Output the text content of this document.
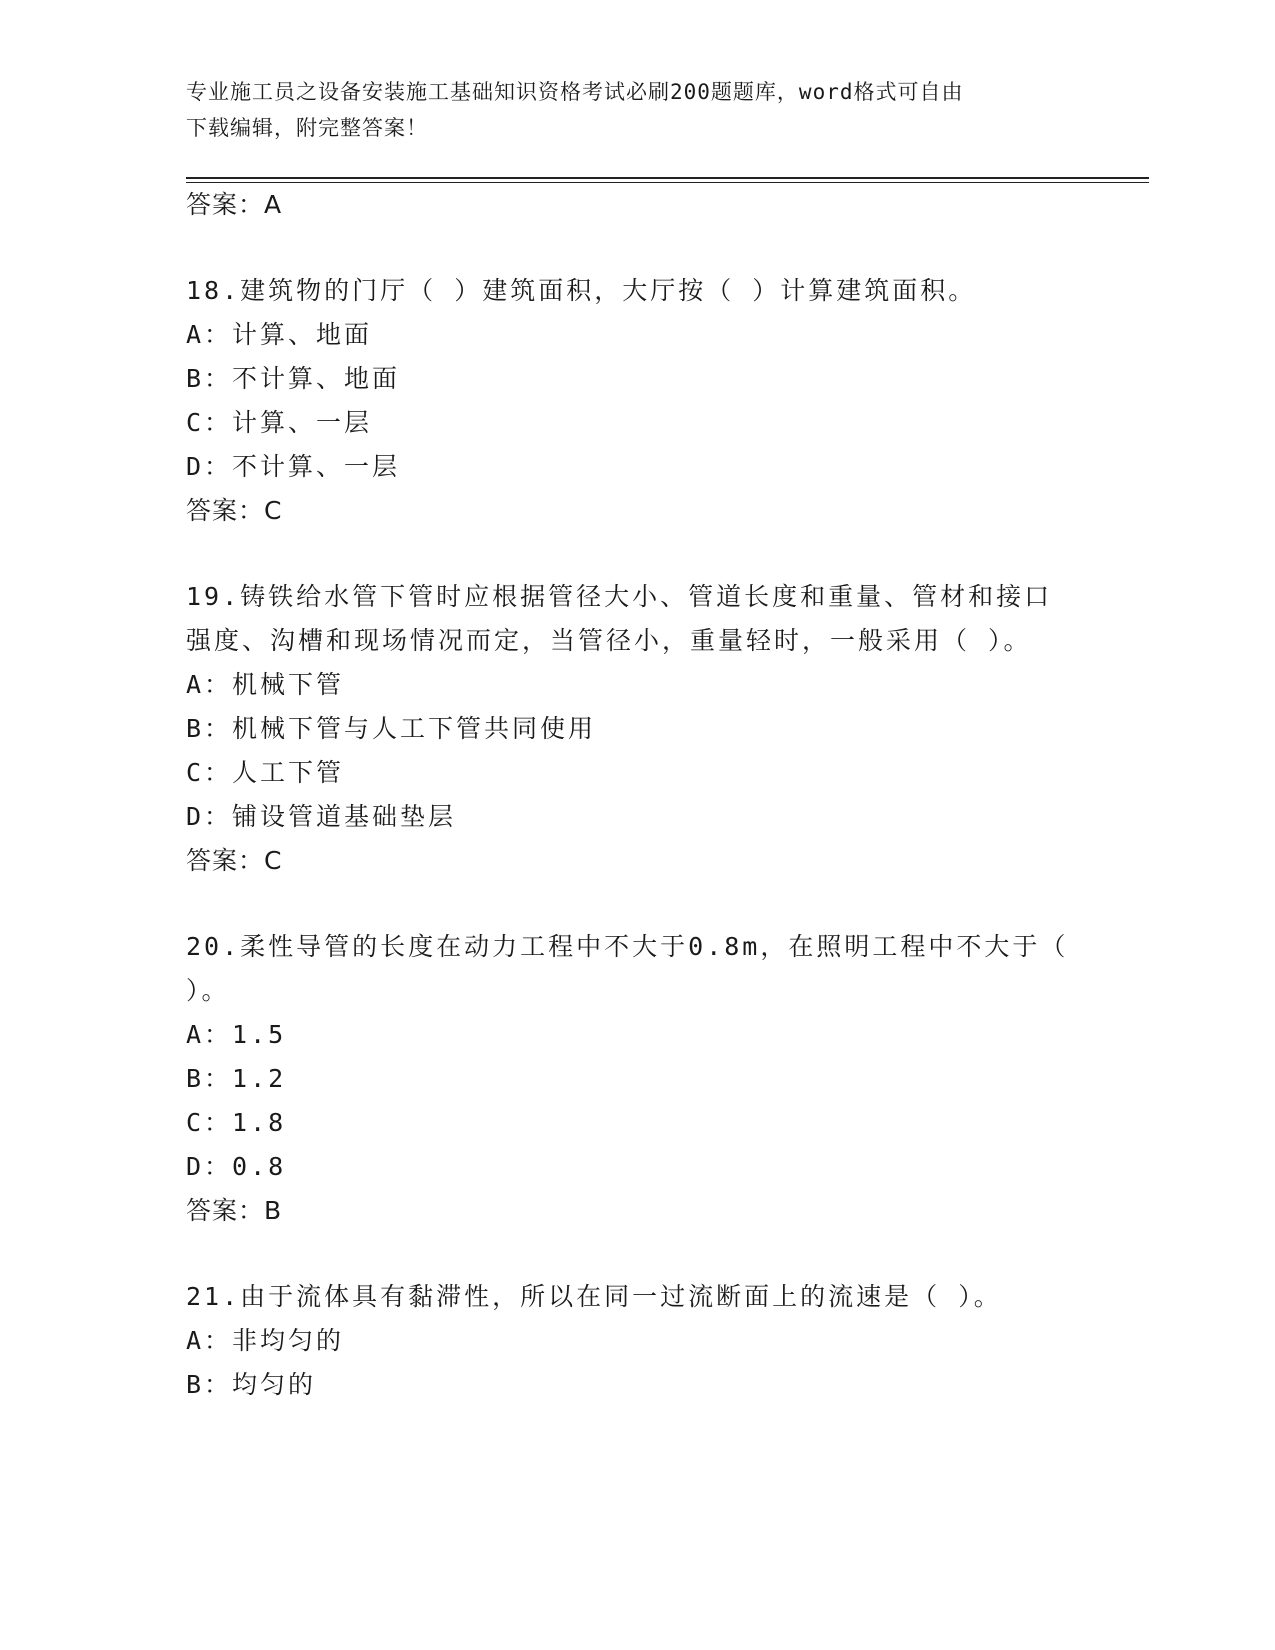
专业施工员之设备安装施工基础知识资格考试必刷200题题库，word格式可自由
下载编辑，附完整答案！
答案：A
18.建筑物的门厅（ ）建筑面积，大厅按（ ）计算建筑面积。
A：计算、地面
B：不计算、地面
C：计算、一层
D：不计算、一层
答案：C
19.铸铁给水管下管时应根据管径大小、管道长度和重量、管材和接口
强度、沟槽和现场情况而定，当管径小，重量轻时，一般采用（ ）。
A：机械下管
B：机械下管与人工下管共同使用
C：人工下管
D：铺设管道基础垫层
答案：C
20.柔性导管的长度在动力工程中不大于0.8m，在照明工程中不大于（
）。
A：1.5
B：1.2
C：1.8
D：0.8
答案：B
21.由于流体具有黏滞性，所以在同一过流断面上的流速是（ ）。
A：非均匀的
B：均匀的
